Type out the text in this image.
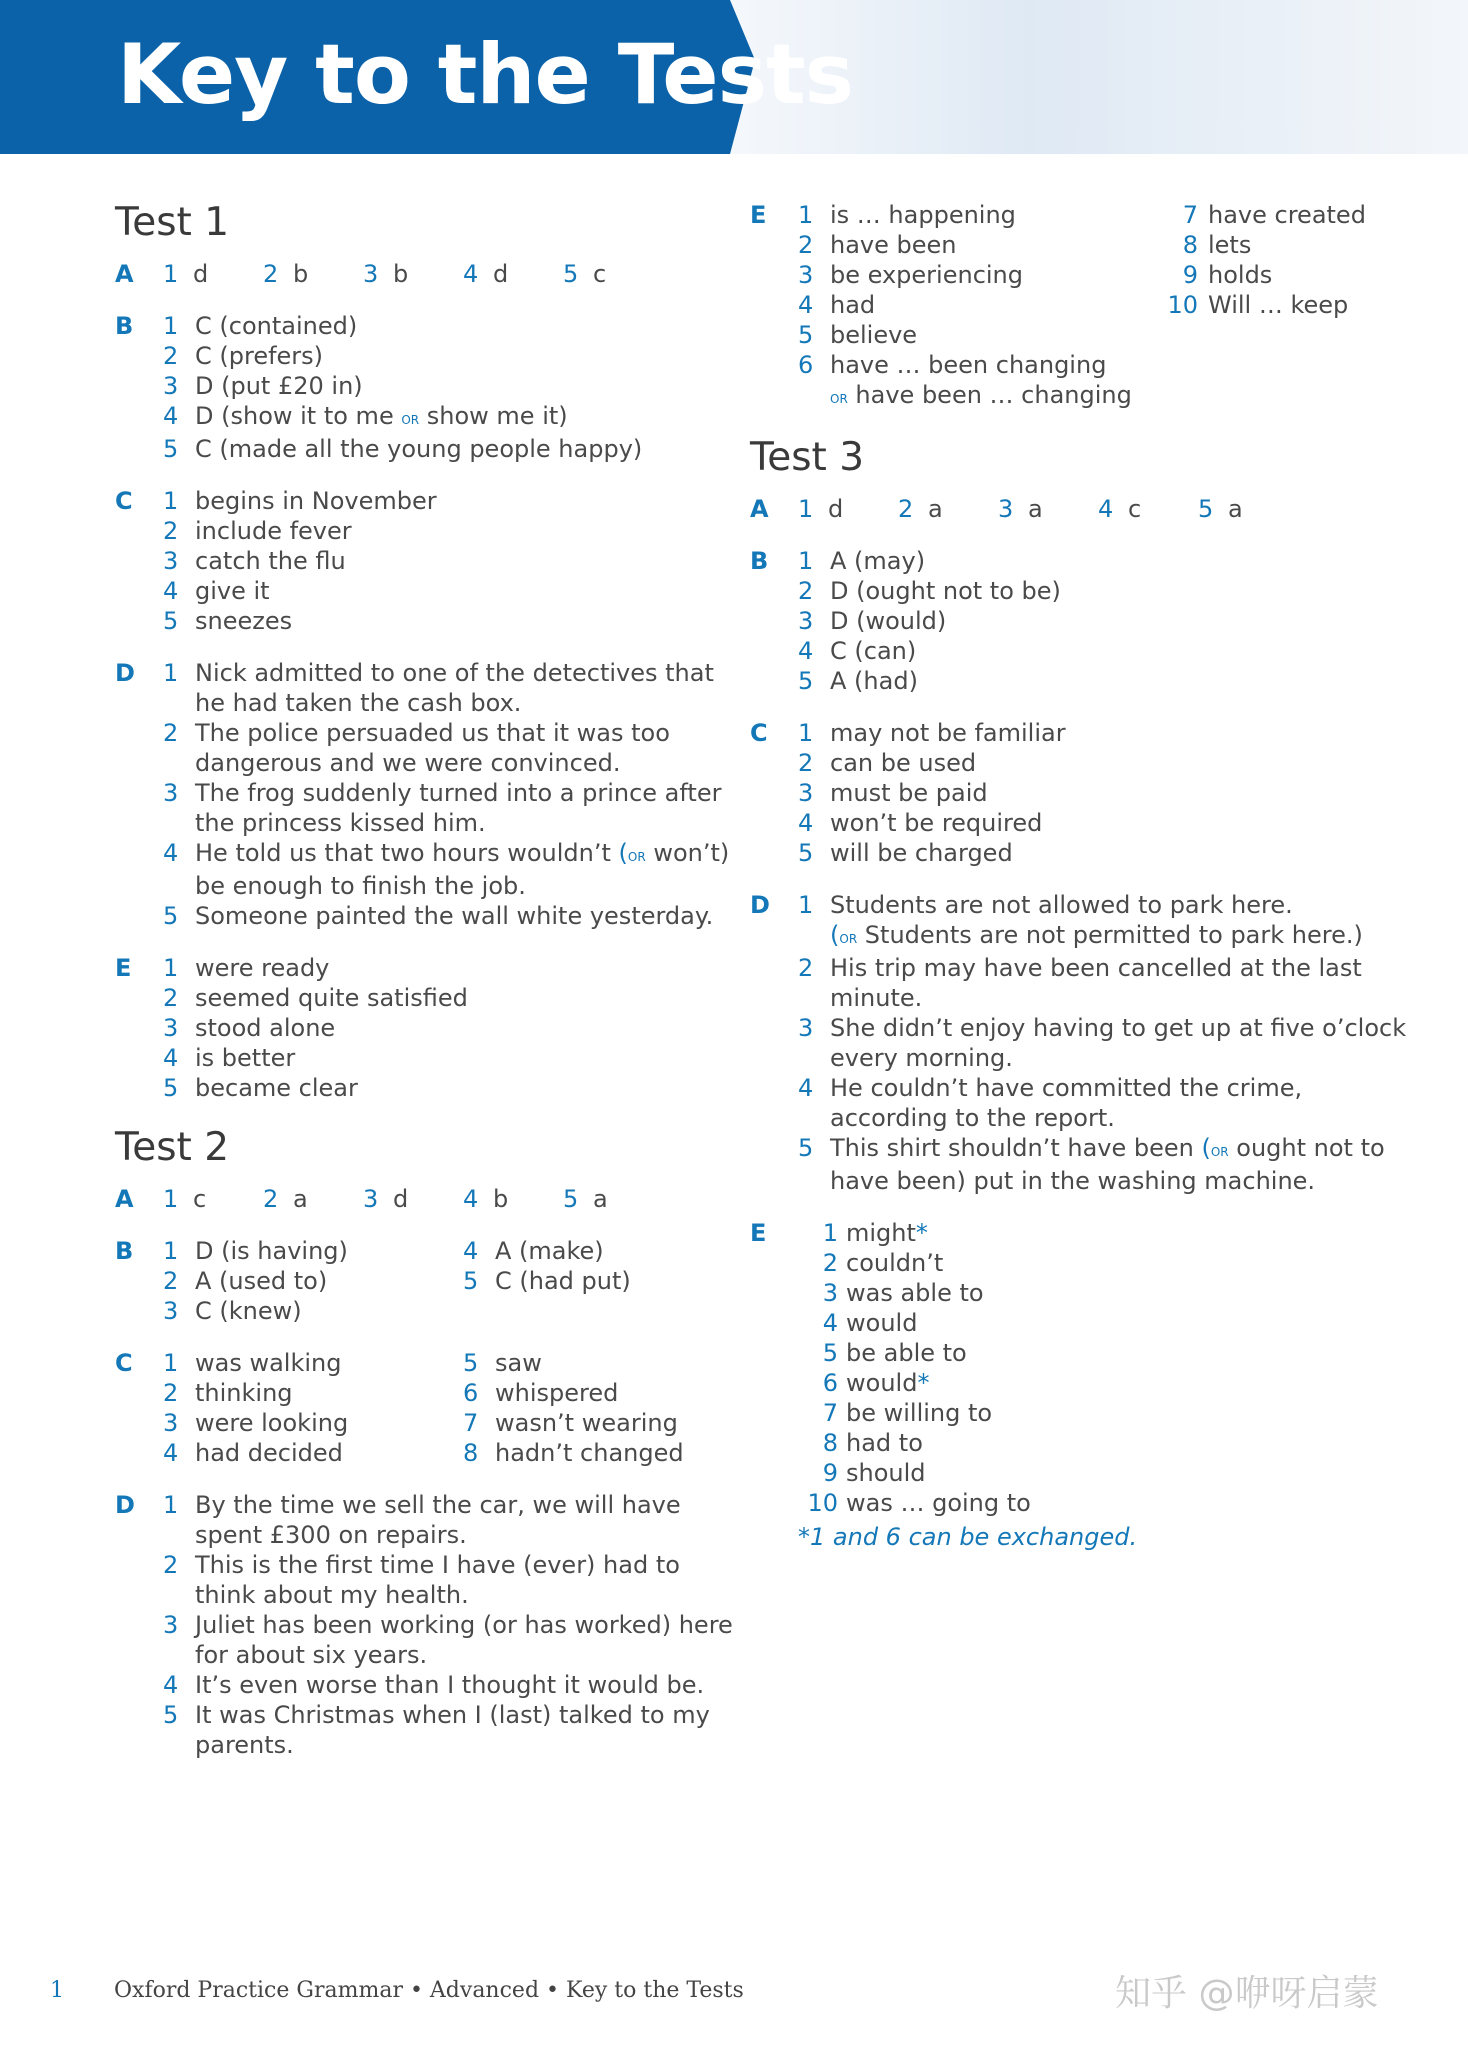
Key to the Tests
Test 1
A	1 d 2 b 3 b 4 d 5 c
B	1 C (contained)
2 C (prefers)
3 D (put £20 in)
4 D (show it to me or show me it)
5 C (made all the young people happy)
C	1 begins in November
2 include fever
3 catch the flu
4 give it
5 sneezes
D	1 Nick admitted to one of the detectives that he had taken the cash box.
2 The police persuaded us that it was too dangerous and we were convinced.
3 The frog suddenly turned into a prince after the princess kissed him.
4 He told us that two hours wouldn’t (or won’t) be enough to finish the job.
5 Someone painted the wall white yesterday.
E	1 were ready
2 seemed quite satisfied
3 stood alone
4 is better
5 became clear
Test 2
A	1 c 2 a 3 d 4 b 5 a
B	1 D (is having)
2 A (used to)
3 C (knew)
4 A (make)
5 C (had put)
C	1 was walking
2 thinking
3 were looking
4 had decided
5 saw
6 whispered
7 wasn’t wearing
8 hadn’t changed
D	1 By the time we sell the car, we will have spent £300 on repairs.
2 This is the first time I have (ever) had to think about my health.
3 Juliet has been working (or has worked) here for about six years.
4 It’s even worse than I thought it would be.
5 It was Christmas when I (last) talked to my parents.
E	1 is … happening
2 have been
3 be experiencing
4 had
5 believe
6 have … been changing
or have been … changing
7 have created
8 lets
9 holds
10 Will … keep
Test 3
A	1 d 2 a 3 a 4 c 5 a
B	1 A (may)
2 D (ought not to be)
3 D (would)
4 C (can)
5 A (had)
C	1 may not be familiar
2 can be used
3 must be paid
4 won’t be required
5 will be charged
D	1 Students are not allowed to park here.
(or Students are not permitted to park here.)
2 His trip may have been cancelled at the last minute.
3 She didn’t enjoy having to get up at five o’clock every morning.
4 He couldn’t have committed the crime, according to the report.
5 This shirt shouldn’t have been (or ought not to have been) put in the washing machine.
E	1 might*
2 couldn’t
3 was able to
4 would
5 be able to
6 would*
7 be willing to
8 had to
9 should
10 was … going to
*1 and 6 can be exchanged.
1 Oxford Practice Grammar • Advanced • Key to the Tests	知乎 @咿呀启蒙
